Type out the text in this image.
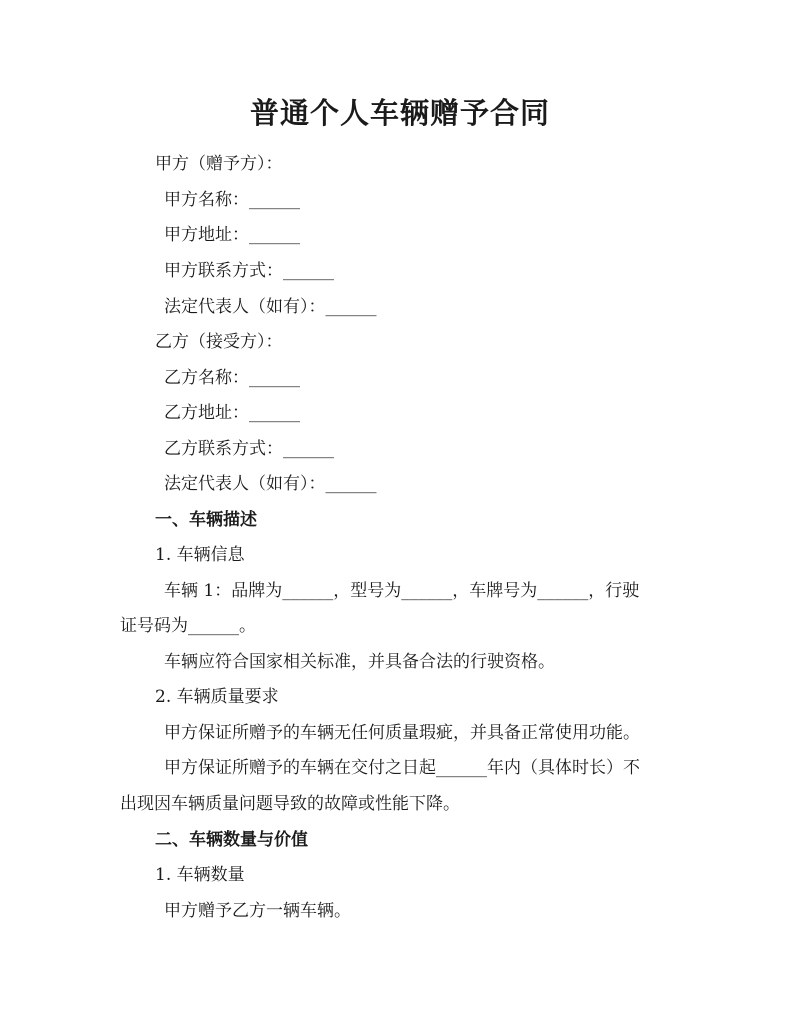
普通个人车辆赠予合同
甲方（赠予方）：
甲方名称：______
甲方地址：______
甲方联系方式：______
法定代表人（如有）：______
乙方（接受方）：
乙方名称：______
乙方地址：______
乙方联系方式：______
法定代表人（如有）：______
一、车辆描述
1. 车辆信息
车辆 1：品牌为______，型号为______，车牌号为______，行驶
证号码为______。
车辆应符合国家相关标准，并具备合法的行驶资格。
2. 车辆质量要求
甲方保证所赠予的车辆无任何质量瑕疵，并具备正常使用功能。
甲方保证所赠予的车辆在交付之日起______年内（具体时长）不
出现因车辆质量问题导致的故障或性能下降。
二、车辆数量与价值
1. 车辆数量
甲方赠予乙方一辆车辆。
